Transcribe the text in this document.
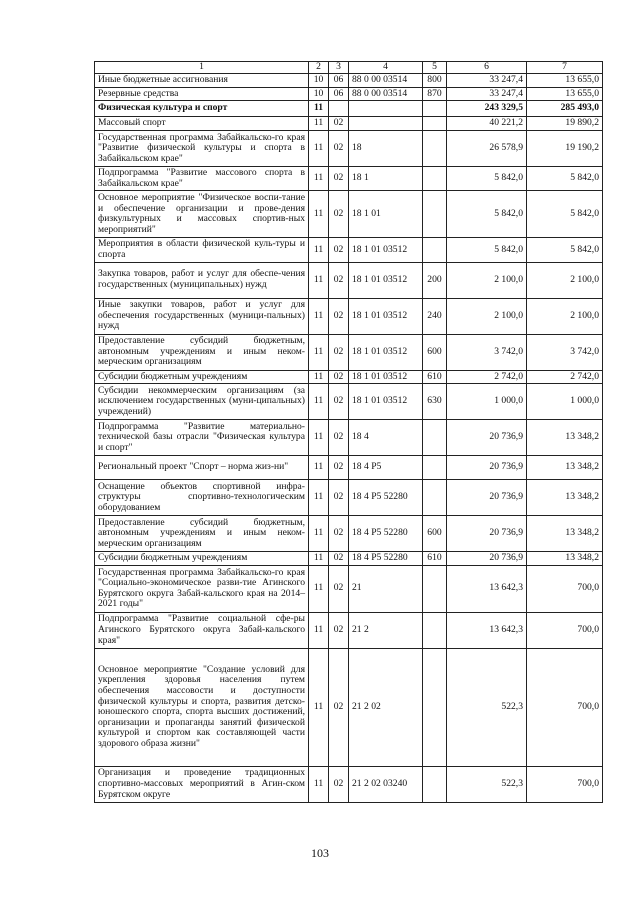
1	2	3	4	5	6	7
Иные бюджетные ассигнования	10	06	88 0 00 03514	800	33 247,4	13 655,0
Резервные средства	10	06	88 0 00 03514	870	33 247,4	13 655,0
Физическая культура и спорт	11				243 329,5	285 493,0
Массовый спорт	11	02			40 221,2	19 890,2
Государственная программа Забайкальско-го края "Развитие физической культуры и спорта в Забайкальском крае"	11	02	18		26 578,9	19 190,2
Подпрограмма "Развитие массового спорта в Забайкальском крае"	11	02	18 1		5 842,0	5 842,0
Основное мероприятие "Физическое воспи-тание и обеспечение организации и прове-дения физкультурных и массовых спортив-ных мероприятий"	11	02	18 1 01		5 842,0	5 842,0
Мероприятия в области физической куль-туры и спорта	11	02	18 1 01 03512		5 842,0	5 842,0
Закупка товаров, работ и услуг для обеспе-чения государственных (муниципальных) нужд	11	02	18 1 01 03512	200	2 100,0	2 100,0
Иные закупки товаров, работ и услуг для обеспечения государственных (муници-пальных) нужд	11	02	18 1 01 03512	240	2 100,0	2 100,0
Предоставление субсидий бюджетным, автономным учреждениям и иным неком-мерческим организациям	11	02	18 1 01 03512	600	3 742,0	3 742,0
Субсидии бюджетным учреждениям	11	02	18 1 01 03512	610	2 742,0	2 742,0
Субсидии некоммерческим организациям (за исключением государственных (муни-ципальных) учреждений)	11	02	18 1 01 03512	630	1 000,0	1 000,0
Подпрограмма "Развитие материально-технической базы отрасли "Физическая культура и спорт"	11	02	18 4		20 736,9	13 348,2
Региональный проект "Спорт – норма жиз-ни"	11	02	18 4 P5		20 736,9	13 348,2
Оснащение объектов спортивной инфра-структуры спортивно-технологическим оборудованием	11	02	18 4 P5 52280		20 736,9	13 348,2
Предоставление субсидий бюджетным, автономным учреждениям и иным неком-мерческим организациям	11	02	18 4 P5 52280	600	20 736,9	13 348,2
Субсидии бюджетным учреждениям	11	02	18 4 P5 52280	610	20 736,9	13 348,2
Государственная программа Забайкальско-го края "Социально-экономическое разви-тие Агинского Бурятского округа Забай-кальского края на 2014–2021 годы"	11	02	21		13 642,3	700,0
Подпрограмма "Развитие социальной сфе-ры Агинского Бурятского округа Забай-кальского края"	11	02	21 2		13 642,3	700,0
Основное мероприятие "Создание условий для укрепления здоровья населения путем обеспечения массовости и доступности физической культуры и спорта, развития детско-юношеского спорта, спорта высших достижений, организации и пропаганды занятий физической культурой и спортом как составляющей части здорового образа жизни"	11	02	21 2 02		522,3	700,0
Организация и проведение традиционных спортивно-массовых мероприятий в Агин-ском Бурятском округе	11	02	21 2 02 03240		522,3	700,0
103
